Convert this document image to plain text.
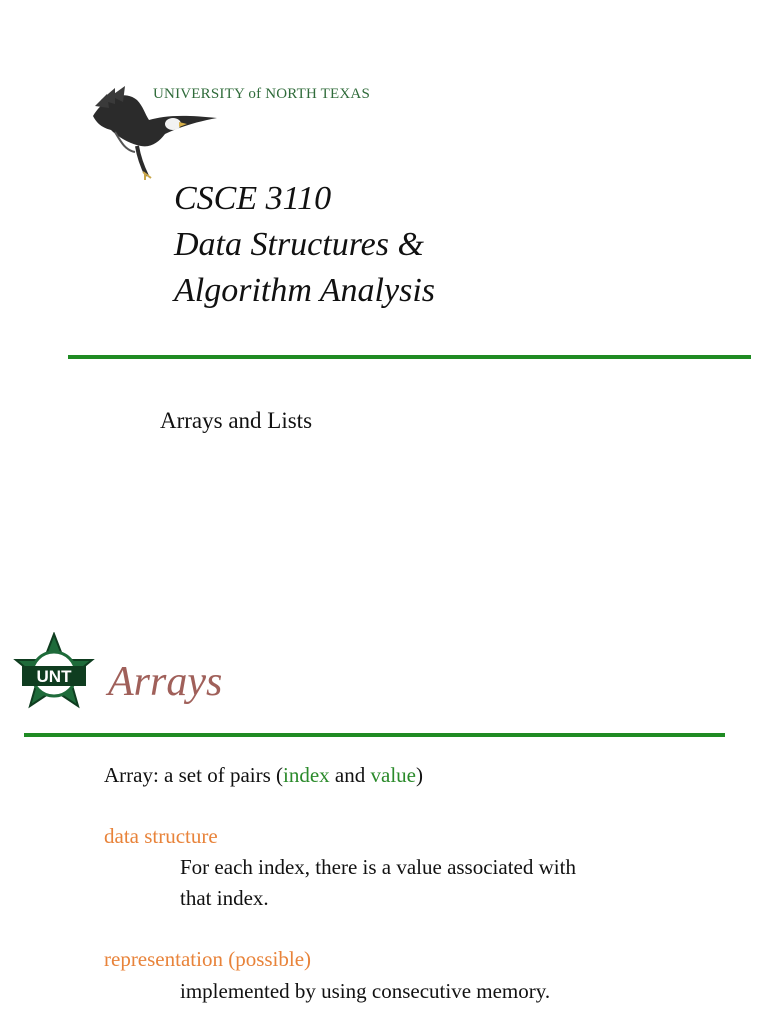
UNIVERSITY of NORTH TEXAS
CSCE 3110
Data Structures &
Algorithm Analysis
Arrays and Lists
UNT Arrays
Array: a set of pairs (index and value)
data structure
For each index, there is a value associated with
that index.
representation (possible)
implemented by using consecutive memory.
